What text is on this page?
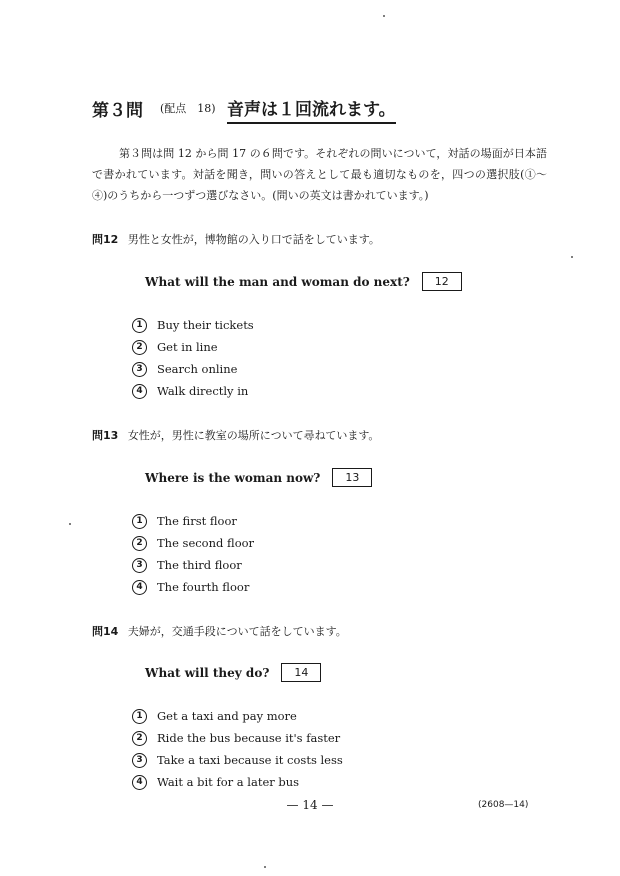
第３問 (配点　18) 音声は１回流れます。
第３問は問 12 から問 17 の６問です。それぞれの問いについて，対話の場面が日本語で書かれています。対話を聞き，問いの答えとして最も適切なものを，四つの選択肢(①～④)のうちから一つずつ選びなさい。(問いの英文は書かれています。)
問12 男性と女性が，博物館の入り口で話をしています。
What will the man and woman do next?	12
1	Buy their tickets
2	Get in line
3	Search online
4	Walk directly in
問13 女性が，男性に教室の場所について尋ねています。
Where is the woman now?	13
1	The first floor
2	The second floor
3	The third floor
4	The fourth floor
問14 夫婦が，交通手段について話をしています。
What will they do?	14
1	Get a taxi and pay more
2	Ride the bus because it's faster
3	Take a taxi because it costs less
4	Wait a bit for a later bus
— 14 —	(2608—14)
